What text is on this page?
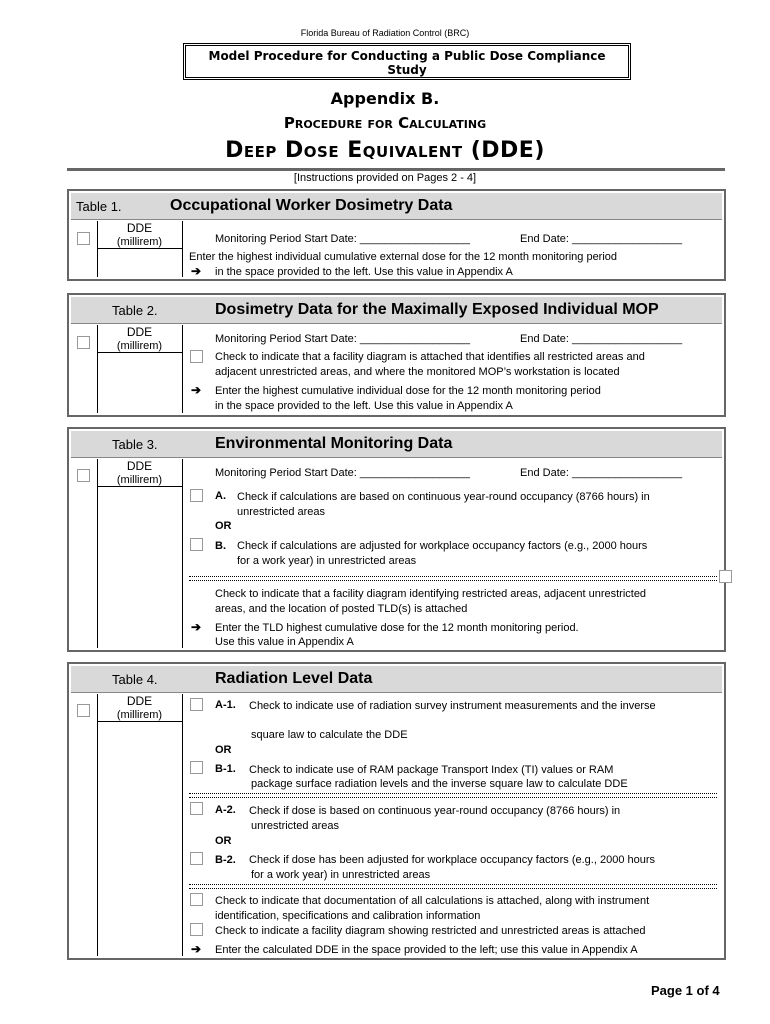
Florida Bureau of Radiation Control (BRC)
Model Procedure for Conducting a Public Dose Compliance
Study
Appendix B.
Procedure for Calculating
Deep Dose Equivalent (DDE)
[Instructions provided on Pages 2 - 4]
Table 1.	Occupational Worker Dosimetry Data
DDE
(millirem)	Monitoring Period Start Date: __________________	End Date: __________________
Enter the highest individual cumulative external dose for the 12 month monitoring period
➔ in the space provided to the left. Use this value in Appendix A
Table 2.	Dosimetry Data for the Maximally Exposed Individual MOP
DDE
(millirem)
Monitoring Period Start Date: __________________	End Date: __________________
Check to indicate that a facility diagram is attached that identifies all restricted areas and
adjacent unrestricted areas, and where the monitored MOP’s workstation is located
➔ Enter the highest cumulative individual dose for the 12 month monitoring period
in the space provided to the left. Use this value in Appendix A
Table 3.	Environmental Monitoring Data
DDE
(millirem)
Monitoring Period Start Date: __________________	End Date: __________________
A. Check if calculations are based on continuous year-round occupancy (8766 hours) in
unrestricted areas
OR
B. Check if calculations are adjusted for workplace occupancy factors (e.g., 2000 hours
for a work year) in unrestricted areas
Check to indicate that a facility diagram identifying restricted areas, adjacent unrestricted
areas, and the location of posted TLD(s) is attached
➔ Enter the TLD highest cumulative dose for the 12 month monitoring period.
Use this value in Appendix A
Table 4.	Radiation Level Data
DDE
(millirem)
A-1. Check to indicate use of radiation survey instrument measurements and the inverse
square law to calculate the DDE
OR
B-1. Check to indicate use of RAM package Transport Index (TI) values or RAM
package surface radiation levels and the inverse square law to calculate DDE
A-2. Check if dose is based on continuous year-round occupancy (8766 hours) in
unrestricted areas
OR
B-2. Check if dose has been adjusted for workplace occupancy factors (e.g., 2000 hours
for a work year) in unrestricted areas
Check to indicate that documentation of all calculations is attached, along with instrument
identification, specifications and calibration information
Check to indicate a facility diagram showing restricted and unrestricted areas is attached
➔ Enter the calculated DDE in the space provided to the left; use this value in Appendix A
Page 1 of 4
